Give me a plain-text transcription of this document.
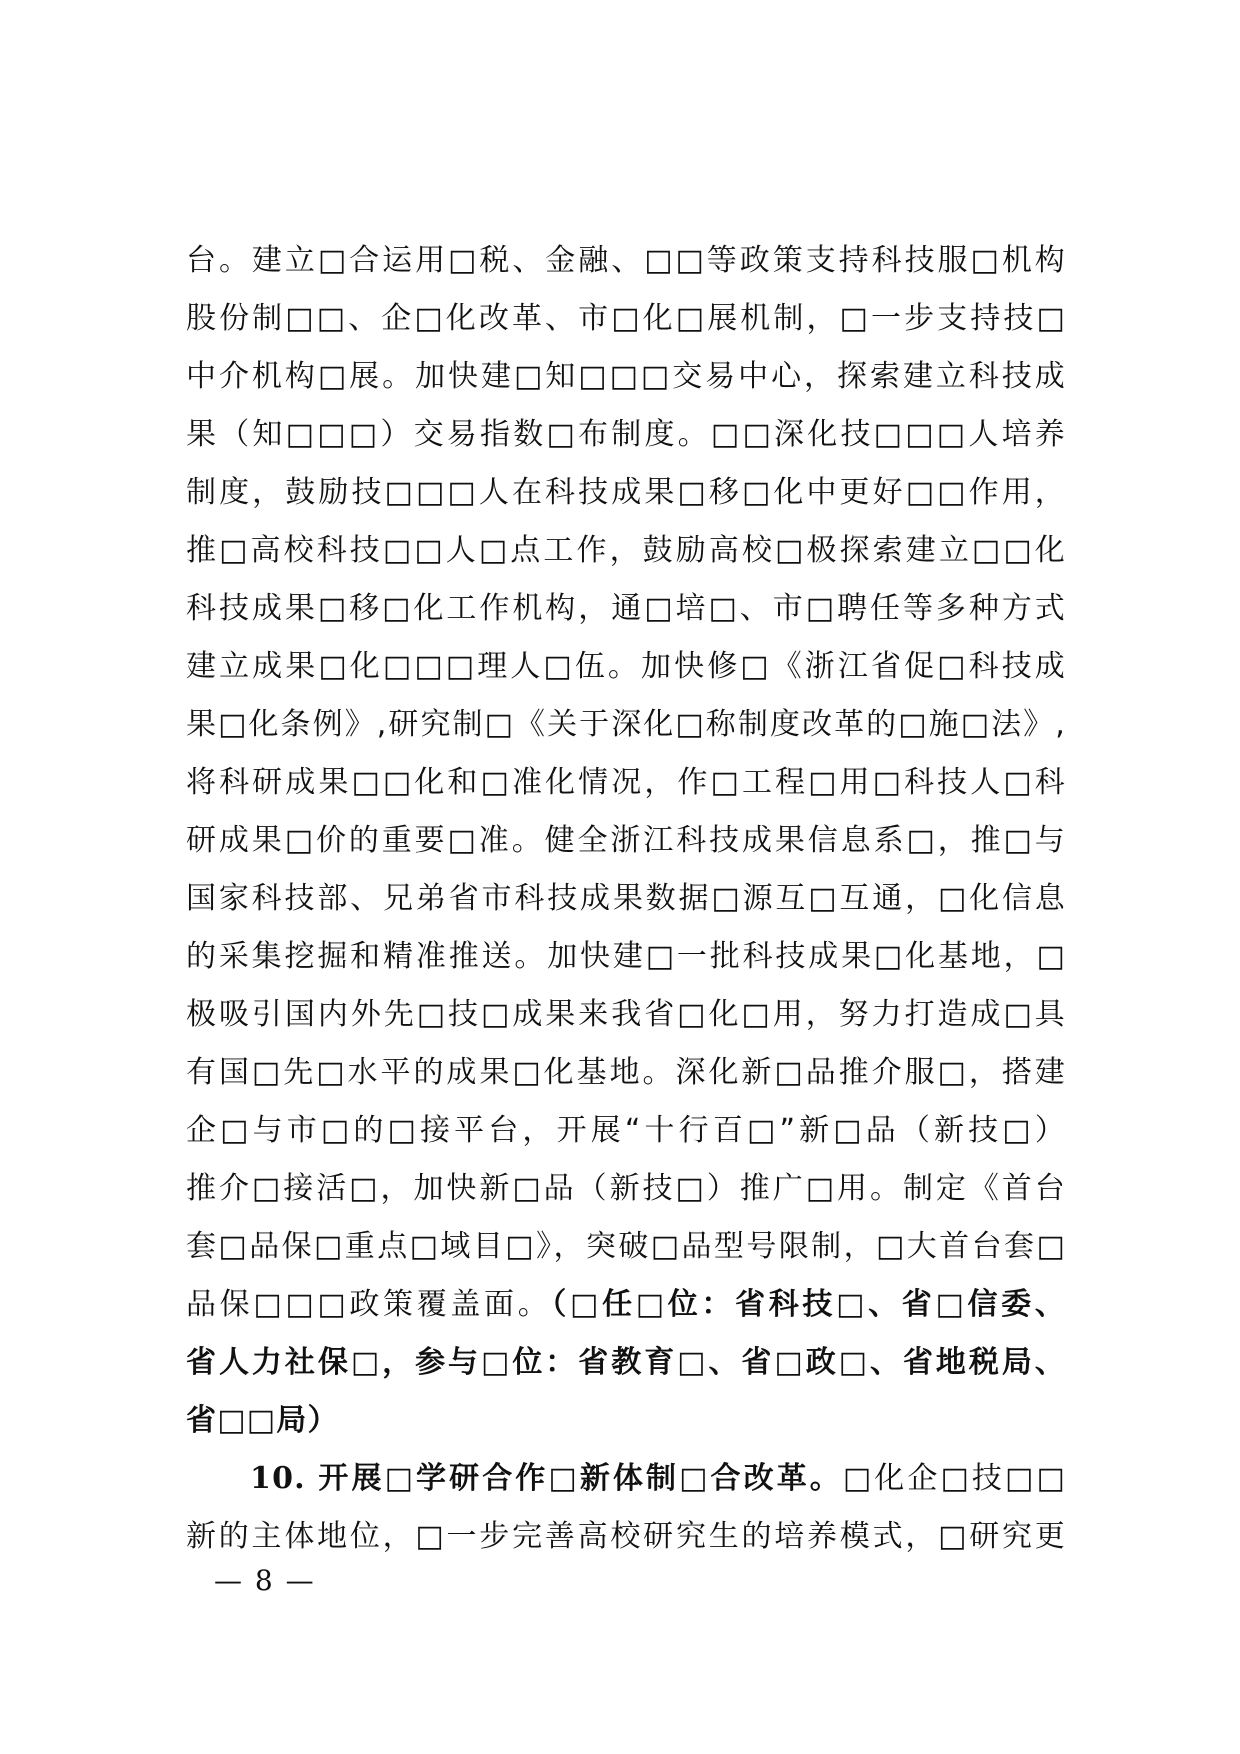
台。建立□合运用□税、金融、□□等政策支持科技服□机构
股份制□□、企□化改革、市□化□展机制，□一步支持技□
中介机构□展。加快建□知□□□交易中心，探索建立科技成
果（知□□□）交易指数□布制度。□□深化技□□□人培养
制度，鼓励技□□□人在科技成果□移□化中更好□□作用，
推□高校科技□□人□点工作，鼓励高校□极探索建立□□化
科技成果□移□化工作机构，通□培□、市□聘任等多种方式
建立成果□化□□□理人□伍。加快修□《浙江省促□科技成
果□化条例》,研究制□《关于深化□称制度改革的□施□法》,
将科研成果□□化和□准化情况，作□工程□用□科技人□科
研成果□价的重要□准。健全浙江科技成果信息系□，推□与
国家科技部、兄弟省市科技成果数据□源互□互通，□化信息
的采集挖掘和精准推送。加快建□一批科技成果□化基地，□
极吸引国内外先□技□成果来我省□化□用，努力打造成□具
有国□先□水平的成果□化基地。深化新□品推介服□，搭建
企□与市□的□接平台，开展“十行百□”新□品（新技□）
推介□接活□，加快新□品（新技□）推广□用。制定《首台
套□品保□重点□域目□》，突破□品型号限制，□大首台套□
品保□□□政策覆盖面。（□任□位：省科技□、省□信委、
省人力社保□，参与□位：省教育□、省□政□、省地税局、
省□□局）
10. 开展□学研合作□新体制□合改革。□化企□技□□
新的主体地位，□一步完善高校研究生的培养模式，□研究更
— 8 —
